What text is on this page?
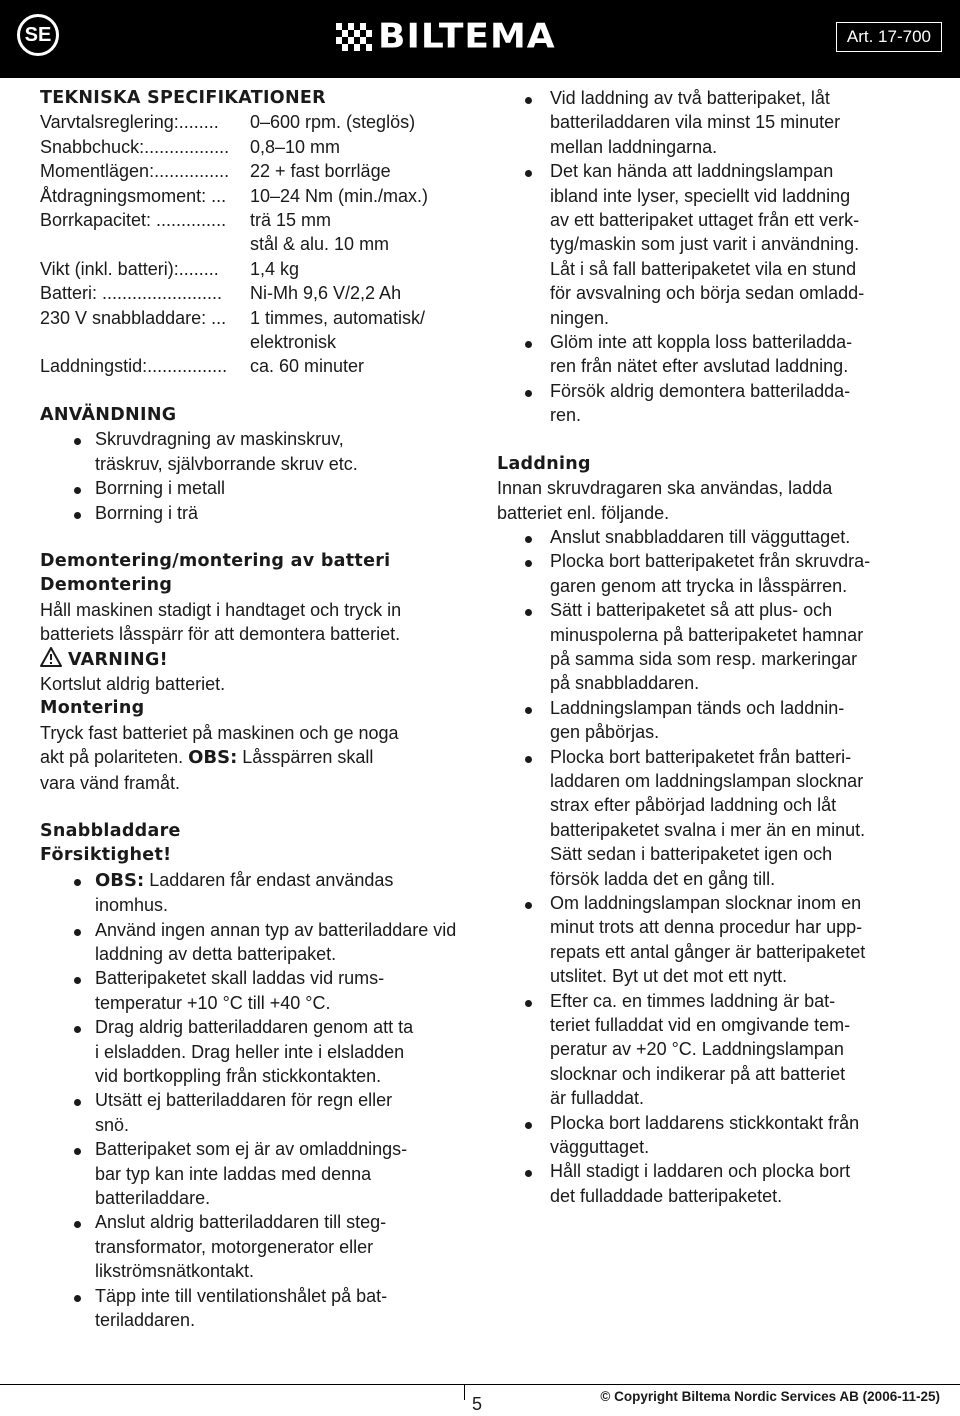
SE	BILTEMA	Art. 17-700
TEKNISKA SPECIFIKATIONER
Varvtalsreglering:........	0–600 rpm. (steglös)
Snabbchuck:.................	0,8–10 mm
Momentlägen:...............	22 + fast borrläge
Åtdragningsmoment: ...	10–24 Nm (min./max.)
Borrkapacitet: ..............	trä 15 mm
stål & alu. 10 mm
Vikt (inkl. batteri):........	1,4 kg
Batteri: ........................	Ni-Mh 9,6 V/2,2 Ah
230 V snabbladdare: ...	1 timmes, automatisk/
elektronisk
Laddningstid:................	ca. 60 minuter
ANVÄNDNING
Skruvdragning av maskinskruv,
träskruv, självborrande skruv etc.
Borrning i metall
Borrning i trä
Demontering/montering av batteri
Demontering
Håll maskinen stadigt i handtaget och tryck in
batteriets låsspärr för att demontera batteriet.
VARNING!
Kortslut aldrig batteriet.
Montering
Tryck fast batteriet på maskinen och ge noga
akt på polariteten. OBS: Låsspärren skall
vara vänd framåt.
Snabbladdare
Försiktighet!
OBS: Laddaren får endast användas
inomhus.
Använd ingen annan typ av batteriladdare vid laddning av detta batteripaket.
Batteripaketet skall laddas vid rums-
temperatur +10 °C till +40 °C.
Drag aldrig batteriladdaren genom att ta
i elsladden. Drag heller inte i elsladden
vid bortkoppling från stickkontakten.
Utsätt ej batteriladdaren för regn eller
snö.
Batteripaket som ej är av omladdnings-
bar typ kan inte laddas med denna
batteriladdare.
Anslut aldrig batteriladdaren till steg-
transformator, motorgenerator eller
likströmsnätkontakt.
Täpp inte till ventilationshålet på bat-
teriladdaren.
Vid laddning av två batteripaket, låt
batteriladdaren vila minst 15 minuter
mellan laddningarna.
Det kan hända att laddningslampan
ibland inte lyser, speciellt vid laddning
av ett batteripaket uttaget från ett verk-
tyg/maskin som just varit i användning.
Låt i så fall batteripaketet vila en stund
för avsvalning och börja sedan omladd-
ningen.
Glöm inte att koppla loss batteriladda-
ren från nätet efter avslutad laddning.
Försök aldrig demontera batteriladda-
ren.
Laddning
Innan skruvdragaren ska användas, ladda
batteriet enl. följande.
Anslut snabbladdaren till vägguttaget.
Plocka bort batteripaketet från skruvdra-
garen genom att trycka in låsspärren.
Sätt i batteripaketet så att plus- och
minuspolerna på batteripaketet hamnar
på samma sida som resp. markeringar
på snabbladdaren.
Laddningslampan tänds och laddnin-
gen påbörjas.
Plocka bort batteripaketet från batteri-
laddaren om laddningslampan slocknar
strax efter påbörjad laddning och låt
batteripaketet svalna i mer än en minut.
Sätt sedan i batteripaketet igen och
försök ladda det en gång till.
Om laddningslampan slocknar inom en
minut trots att denna procedur har upp-
repats ett antal gånger är batteripaketet
utslitet. Byt ut det mot ett nytt.
Efter ca. en timmes laddning är bat-
teriet fulladdat vid en omgivande tem-
peratur av +20 °C. Laddningslampan
slocknar och indikerar på att batteriet
är fulladdat.
Plocka bort laddarens stickkontakt från
vägguttaget.
Håll stadigt i laddaren och plocka bort
det fulladdade batteripaketet.
5	© Copyright Biltema Nordic Services AB (2006-11-25)
